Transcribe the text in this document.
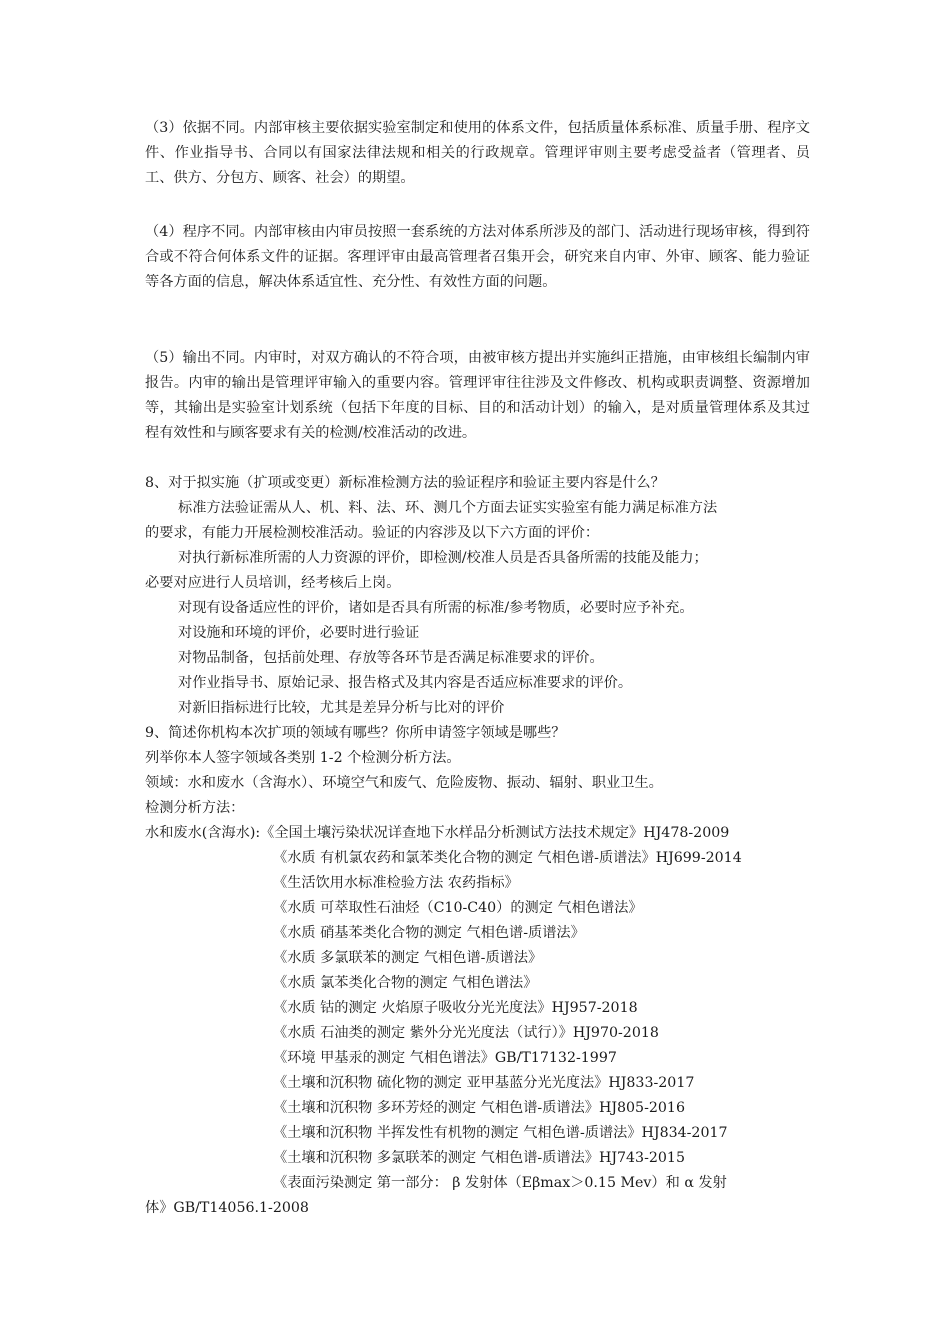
（3）依据不同。内部审核主要依据实验室制定和使用的体系文件，包括质量体系标准、质量手册、程序文件、作业指导书、合同以有国家法律法规和相关的行政规章。管理评审则主要考虑受益者（管理者、员工、供方、分包方、顾客、社会）的期望。
（4）程序不同。内部审核由内审员按照一套系统的方法对体系所涉及的部门、活动进行现场审核，得到符合或不符合何体系文件的证据。客理评审由最高管理者召集开会，研究来自内审、外审、顾客、能力验证等各方面的信息，解决体系适宜性、充分性、有效性方面的问题。
（5）输出不同。内审时，对双方确认的不符合项，由被审核方提出并实施纠正措施，由审核组长编制内审报告。内审的输出是管理评审输入的重要内容。管理评审往往涉及文件修改、机构或职责调整、资源增加等，其输出是实验室计划系统（包括下年度的目标、目的和活动计划）的输入，是对质量管理体系及其过程有效性和与顾客要求有关的检测/校准活动的改进。
8、对于拟实施（扩项或变更）新标准检测方法的验证程序和验证主要内容是什么？
标准方法验证需从人、机、料、法、环、测几个方面去证实实验室有能力满足标准方法
的要求，有能力开展检测校准活动。验证的内容涉及以下六方面的评价：
对执行新标准所需的人力资源的评价，即检测/校准人员是否具备所需的技能及能力；
必要对应进行人员培训，经考核后上岗。
对现有设备适应性的评价，诸如是否具有所需的标准/参考物质，必要时应予补充。
对设施和环境的评价，必要时进行验证
对物品制备，包括前处理、存放等各环节是否满足标准要求的评价。
对作业指导书、原始记录、报告格式及其内容是否适应标准要求的评价。
对新旧指标进行比较，尤其是差异分析与比对的评价
9、简述你机构本次扩项的领域有哪些？你所申请签字领域是哪些？
列举你本人签字领域各类别 1-2 个检测分析方法。
领域：水和废水（含海水）、环境空气和废气、危险废物、振动、辐射、职业卫生。
检测分析方法：
水和废水(含海水):《全国土壤污染状况详查地下水样品分析测试方法技术规定》HJ478-2009
《水质 有机氯农药和氯苯类化合物的测定 气相色谱-质谱法》HJ699-2014
《生活饮用水标准检验方法 农药指标》
《水质 可萃取性石油烃（C10-C40）的测定 气相色谱法》
《水质 硝基苯类化合物的测定 气相色谱-质谱法》
《水质 多氯联苯的测定 气相色谱-质谱法》
《水质 氯苯类化合物的测定 气相色谱法》
《水质 钴的测定 火焰原子吸收分光光度法》HJ957-2018
《水质 石油类的测定 紫外分光光度法（试行）》HJ970-2018
《环境 甲基汞的测定 气相色谱法》GB/T17132-1997
《土壤和沉积物 硫化物的测定 亚甲基蓝分光光度法》HJ833-2017
《土壤和沉积物 多环芳烃的测定 气相色谱-质谱法》HJ805-2016
《土壤和沉积物 半挥发性有机物的测定 气相色谱-质谱法》HJ834-2017
《土壤和沉积物 多氯联苯的测定 气相色谱-质谱法》HJ743-2015
《表面污染测定 第一部分： β 发射体（Eβmax＞0.15 Mev）和 α 发射
体》GB/T14056.1-2008
